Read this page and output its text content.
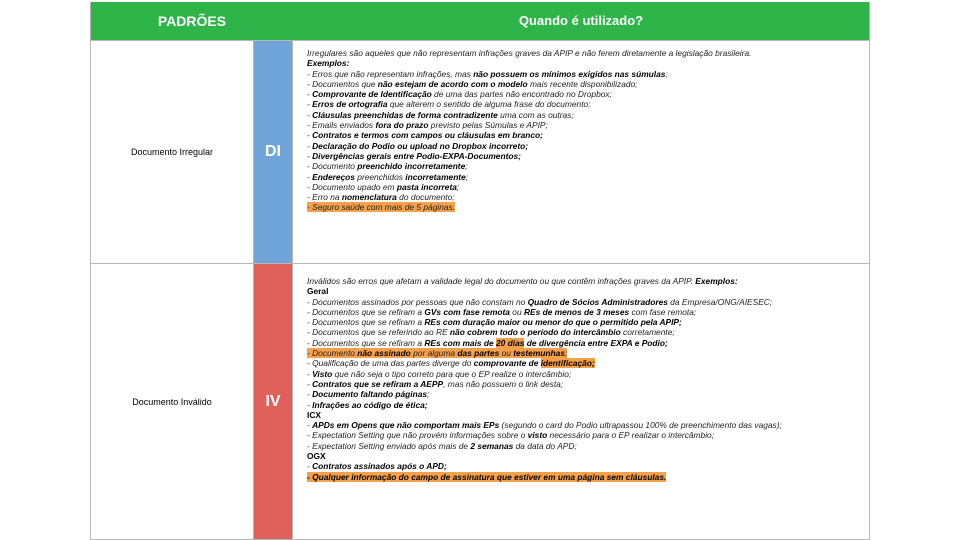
PADRÕES	Quando é utilizado?
Documento Irregular	DI
Irregulares são aqueles que não representam infrações graves da APIP e não ferem diretamente a legislação brasileira.
Exemplos:
- Erros que não representam infrações, mas não possuem os mínimos exigidos nas súmulas;
- Documentos que não estejam de acordo com o modelo mais recente disponibilizado;
- Comprovante de Identificação de uma das partes não encontrado no Dropbox;
- Erros de ortografia que alterem o sentido de alguma frase do documento;
- Cláusulas preenchidas de forma contradizente uma com as outras;
- Emails enviados fora do prazo previsto pelas Súmulas e APIP;
- Contratos e termos com campos ou cláusulas em branco;
- Declaração do Podio ou upload no Dropbox incorreto;
- Divergências gerais entre Podio-EXPA-Documentos;
- Documento preenchido incorretamente;
- Endereços preenchidos incorretamente;
- Documento upado em pasta incorreta;
- Erro na nomenclatura do documento;
- Seguro saúde com mais de 5 páginas.
Documento Inválido	IV
Inválidos são erros que afetam a validade legal do documento ou que contêm infrações graves da APIP. Exemplos:
Geral
- Documentos assinados por pessoas que não constam no Quadro de Sócios Administradores da Empresa/ONG/AIESEC;
- Documentos que se refiram a GVs com fase remota ou REs de menos de 3 meses com fase remota;
- Documentos que se refiram a REs com duração maior ou menor do que o permitido pela APIP;
- Documentos que se referindo ao RE não cobrem todo o período do intercâmbio corretamente;
- Documentos que se refiram a REs com mais de 20 dias de divergência entre EXPA e Podio;
- Documento não assinado por alguma das partes ou testemunhas;
- Qualificação de uma das partes diverge do comprovante de identificação;
- Visto que não seja o tipo correto para que o EP realize o intercâmbio;
- Contratos que se refiram a AEPP, mas não possuem o link desta;
- Documento faltando páginas;
- Infrações ao código de ética;
ICX
- APDs em Opens que não comportam mais EPs (segundo o card do Podio ultrapassou 100% de preenchimento das vagas);
- Expectation Setting que não provém informações sobre o visto necessário para o EP realizar o intercâmbio;
- Expectation Setting enviado após mais de 2 semanas da data do APD;
OGX
- Contratos assinados após o APD;
- Qualquer informação do campo de assinatura que estiver em uma página sem cláusulas.
